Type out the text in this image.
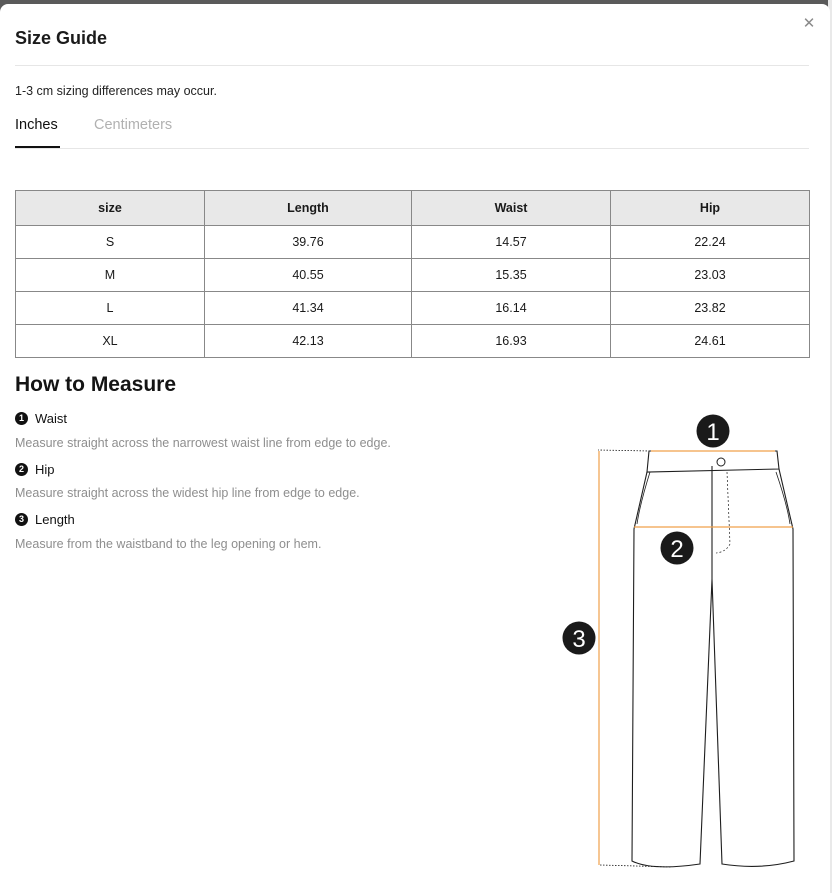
✕
Size Guide
1-3 cm sizing differences may occur.
Inches	Centimeters
size	Length	Waist	Hip
S	39.76	14.57	22.24
M	40.55	15.35	23.03
L	41.34	16.14	23.82
XL	42.13	16.93	24.61
How to Measure
1 Waist
Measure straight across the narrowest waist line from edge to edge.
2 Hip
Measure straight across the widest hip line from edge to edge.
3 Length
Measure from the waistband to the leg opening or hem.
1
2
3
